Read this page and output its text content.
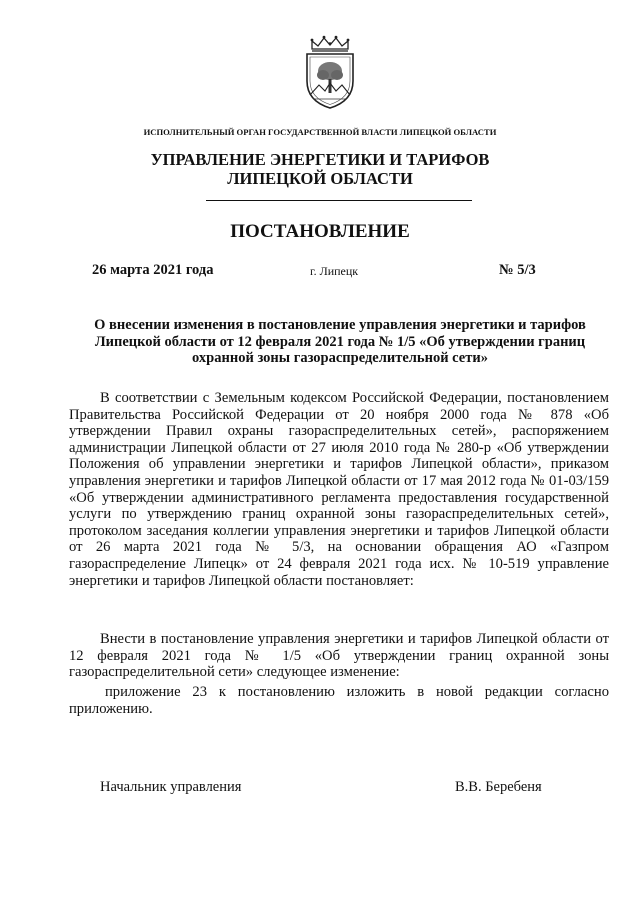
ИСПОЛНИТЕЛЬНЫЙ ОРГАН ГОСУДАРСТВЕННОЙ ВЛАСТИ ЛИПЕЦКОЙ ОБЛАСТИ
УПРАВЛЕНИЕ ЭНЕРГЕТИКИ И ТАРИФОВ
ЛИПЕЦКОЙ ОБЛАСТИ
ПОСТАНОВЛЕНИЕ
26 марта 2021 года	г. Липецк	№ 5/3
О внесении изменения в постановление управления энергетики и тарифов Липецкой области от 12 февраля 2021 года № 1/5 «Об утверждении границ охранной зоны газораспределительной сети»
В соответствии с Земельным кодексом Российской Федерации, постановлением Правительства Российской Федерации от 20 ноября 2000 года № 878 «Об утверждении Правил охраны газораспределительных сетей», распоряжением администрации Липецкой области от 27 июля 2010 года № 280-р «Об утверждении Положения об управлении энергетики и тарифов Липецкой области», приказом управления энергетики и тарифов Липецкой области от 17 мая 2012 года № 01-03/159 «Об утверждении административного регламента предоставления государственной услуги по утверждению границ охранной зоны газораспределительных сетей», протоколом заседания коллегии управления энергетики и тарифов Липецкой области от 26 марта 2021 года № 5/3, на основании обращения АО «Газпром газораспределение Липецк» от 24 февраля 2021 года исх. № 10-519 управление энергетики и тарифов Липецкой области постановляет:
Внести в постановление управления энергетики и тарифов Липецкой области от 12 февраля 2021 года № 1/5 «Об утверждении границ охранной зоны газораспределительной сети» следующее изменение:
приложение 23 к постановлению изложить в новой редакции согласно приложению.
Начальник управления	В.В. Беребеня
